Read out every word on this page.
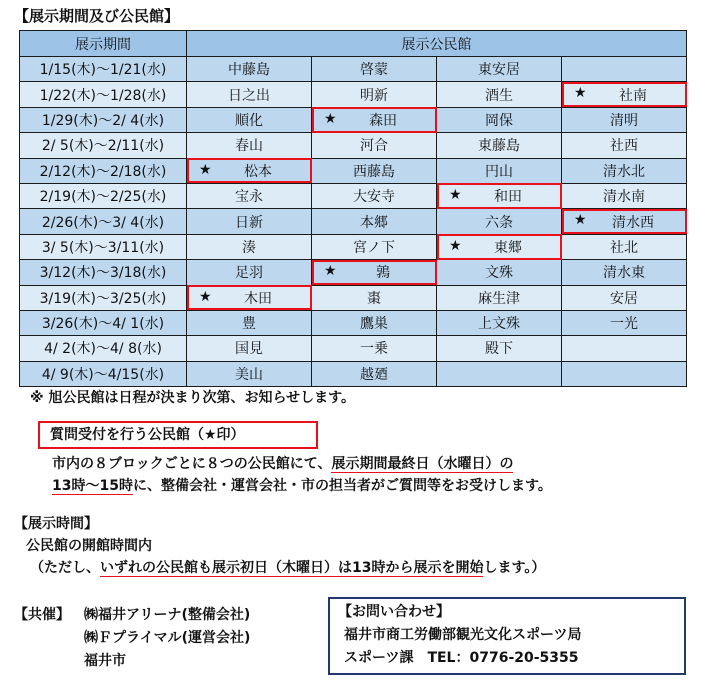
【展示期間及び公民館】
展示期間	展示公民館			
1/15(木)～1/21(水)	中藤島	啓蒙	東安居	
1/22(木)～1/28(水)	日之出	明新	酒生	★ 社南
1/29(木)～2/ 4(水)	順化	★ 森田	岡保	清明
2/ 5(木)～2/11(水)	春山	河合	東藤島	社西
2/12(木)～2/18(水)	★ 松本	西藤島	円山	清水北
2/19(木)～2/25(水)	宝永	大安寺	★ 和田	清水南
2/26(木)～3/ 4(水)	日新	本郷	六条	★ 清水西
3/ 5(木)～3/11(水)	湊	宮ノ下	★ 東郷	社北
3/12(木)～3/18(水)	足羽	★ 鶉	文殊	清水東
3/19(木)～3/25(水)	★ 木田	棗	麻生津	安居
3/26(木)～4/ 1(水)	豊	鷹巣	上文殊	一光
4/ 2(木)～4/ 8(水)	国見	一乗	殿下	
4/ 9(木)～4/15(水)	美山	越廼		
※ 旭公民館は日程が決まり次第、お知らせします。
質問受付を行う公民館（★印）
市内の８ブロックごとに８つの公民館にて、展示期間最終日（水曜日）の
13時～15時に、整備会社・運営会社・市の担当者がご質問等をお受けします。
【展示時間】
公民館の開館時間内
（ただし、いずれの公民館も展示初日（木曜日）は13時から展示を開始します。）
【共催】 ㈱福井アリーナ(整備会社)
㈱Ｆプライマル(運営会社)
福井市
【お問い合わせ】
福井市商工労働部観光文化スポーツ局
スポーツ課　TEL：0776-20-5355
